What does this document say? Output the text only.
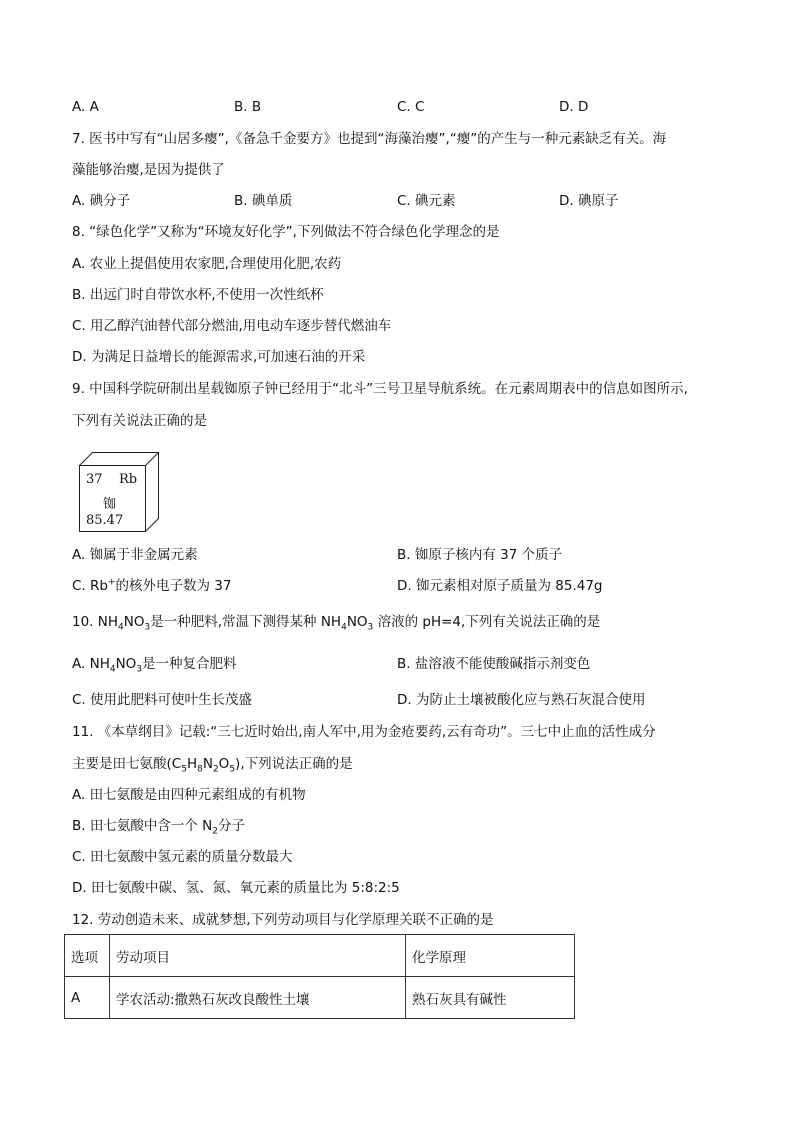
A. A	B. B	C. C	D. D
7. 医书中写有“山居多瘿”,《备急千金要方》也提到“海藻治瘿”,“瘿”的产生与一种元素缺乏有关。海
藻能够治瘿,是因为提供了
A. 碘分子	B. 碘单质	C. 碘元素	D. 碘原子
8. “绿色化学”又称为“环境友好化学”,下列做法不符合绿色化学理念的是
A. 农业上提倡使用农家肥,合理使用化肥,农药
B. 出远门时自带饮水杯,不使用一次性纸杯
C. 用乙醇汽油替代部分燃油,用电动车逐步替代燃油车
D. 为满足日益增长的能源需求,可加速石油的开采
9. 中国科学院研制出星载铷原子钟已经用于“北斗”三号卫星导航系统。在元素周期表中的信息如图所示,
下列有关说法正确的是
37 Rb
铷
85.47
A. 铷属于非金属元素	B. 铷原子核内有 37 个质子
C. Rb+的核外电子数为 37	D. 铷元素相对原子质量为 85.47g
10. $NH_4NO_3$是一种肥料,常温下测得某种 $NH_4NO_3$ 溶液的 pH=4,下列有关说法正确的是
A. $NH_4NO_3$是一种复合肥料	B. 盐溶液不能使酸碱指示剂变色
C. 使用此肥料可使叶生长茂盛	D. 为防止土壤被酸化应与熟石灰混合使用
11. 《本草纲目》记载:“三七近时始出,南人军中,用为金疮要药,云有奇功”。三七中止血的活性成分
主要是田七氨酸$(C_5H_8N_2O_5)$,下列说法正确的是
A. 田七氨酸是由四种元素组成的有机物
B. 田七氨酸中含一个 $N_2$分子
C. 田七氨酸中氢元素的质量分数最大
D. 田七氨酸中碳、氢、氮、氧元素的质量比为 5:8:2:5
12. 劳动创造未来、成就梦想,下列劳动项目与化学原理关联不正确的是
选项	劳动项目	化学原理
A	学农活动:撒熟石灰改良酸性土壤	熟石灰具有碱性
